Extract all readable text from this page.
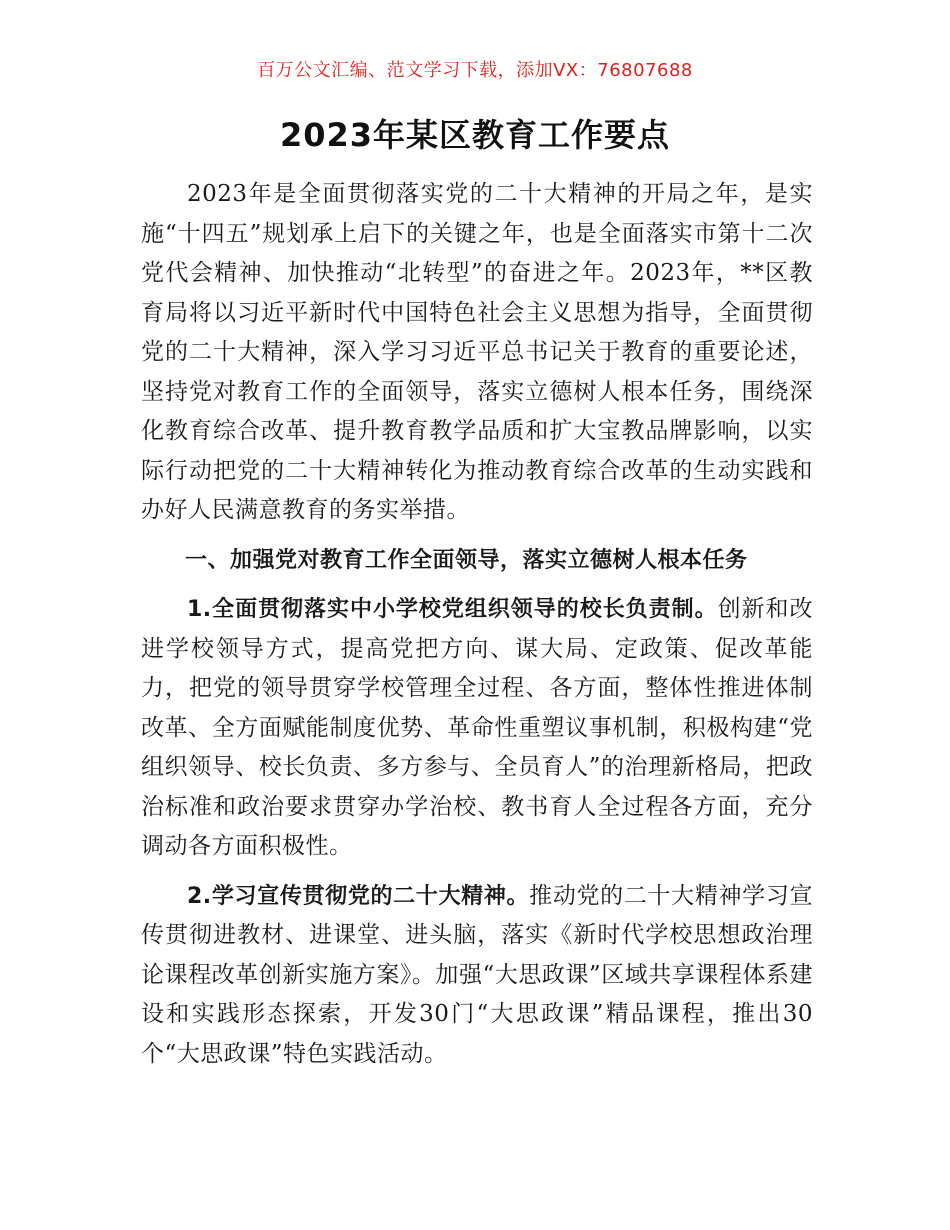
百万公文汇编、范文学习下载，添加VX：76807688
2023年某区教育工作要点

2023年是全面贯彻落实党的二十大精神的开局之年，是实施“十四五”规划承上启下的关键之年，也是全面落实市第十二次党代会精神、加快推动“北转型”的奋进之年。2023年，**区教育局将以习近平新时代中国特色社会主义思想为指导，全面贯彻党的二十大精神，深入学习习近平总书记关于教育的重要论述，坚持党对教育工作的全面领导，落实立德树人根本任务，围绕深化教育综合改革、提升教育教学品质和扩大宝教品牌影响，以实际行动把党的二十大精神转化为推动教育综合改革的生动实践和办好人民满意教育的务实举措。

一、加强党对教育工作全面领导，落实立德树人根本任务

1.全面贯彻落实中小学校党组织领导的校长负责制。创新和改进学校领导方式，提高党把方向、谋大局、定政策、促改革能力，把党的领导贯穿学校管理全过程、各方面，整体性推进体制改革、全方面赋能制度优势、革命性重塑议事机制，积极构建“党组织领导、校长负责、多方参与、全员育人”的治理新格局，把政治标准和政治要求贯穿办学治校、教书育人全过程各方面，充分调动各方面积极性。

2.学习宣传贯彻党的二十大精神。推动党的二十大精神学习宣传贯彻进教材、进课堂、进头脑，落实《新时代学校思想政治理论课程改革创新实施方案》。加强“大思政课”区域共享课程体系建设和实践形态探索，开发30门“大思政课”精品课程，推出30个“大思政课”特色实践活动。
